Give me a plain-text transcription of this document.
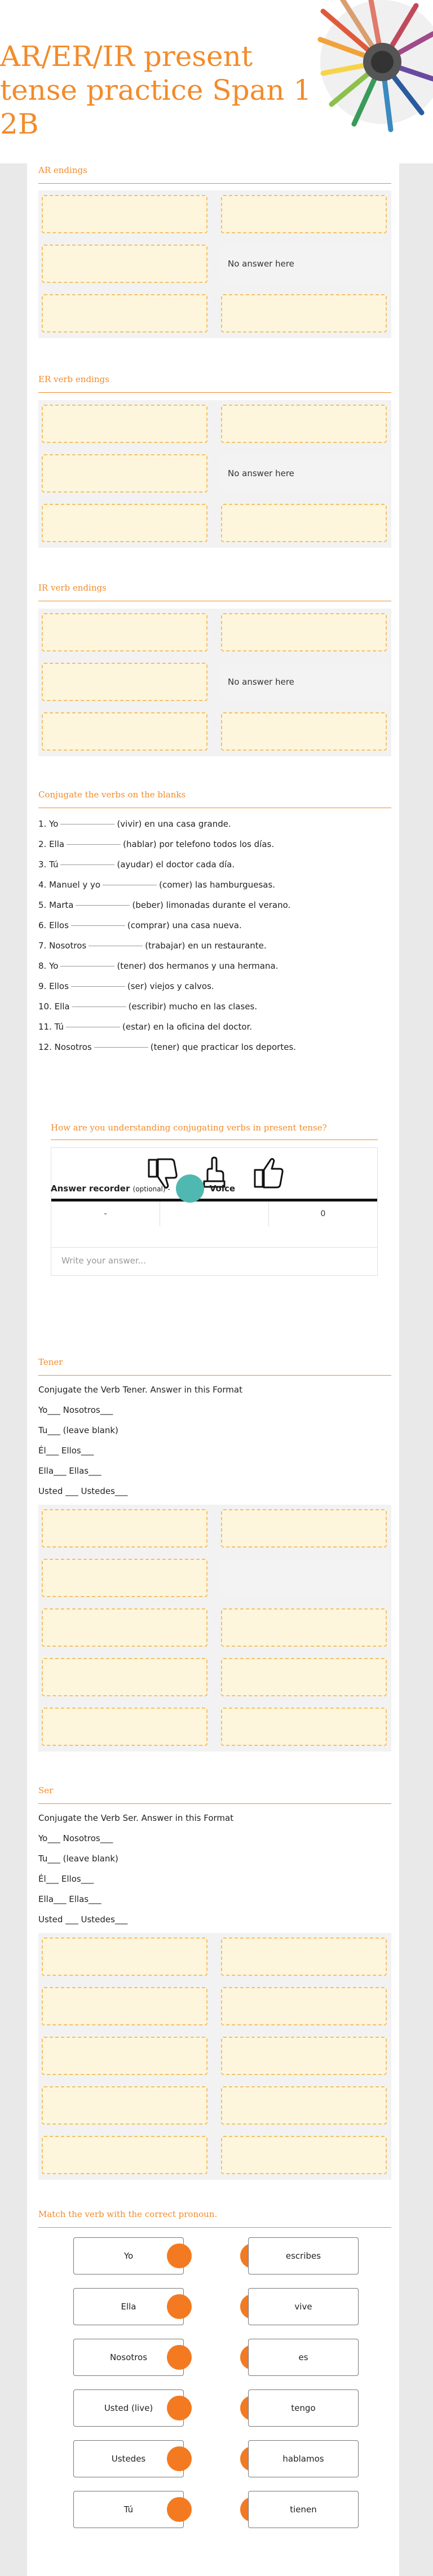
AR/ER/IR present tense practice Span 1 2B
AR endings
No answer here
ER verb endings
No answer here
IR verb endings
No answer here
Conjugate the verbs on the blanks
1. Yo	(vivir) en una casa grande.
2. Ella	(hablar) por telefono todos los días.
3. Tú	(ayudar) el doctor cada día.
4. Manuel y yo	(comer) las hamburguesas.
5. Marta	(beber) limonadas durante el verano.
6. Ellos	(comprar) una casa nueva.
7. Nosotros	(trabajar) en un restaurante.
8. Yo	(tener) dos hermanos y una hermana.
9. Ellos	(ser) viejos y calvos.
10. Ella	(escribir) mucho en las clases.
11. Tú	(estar) en la oficina del doctor.
12. Nosotros	(tener) que practicar los deportes.
How are you understanding conjugating verbs in present tense?
-	0
Write your answer...
Answer recorder (optional) -	Voice
Tener
Conjugate the Verb Tener. Answer in this Format
Yo___ Nosotros___
Tu___ (leave blank)
Él___ Ellos___
Ella___ Ellas___
Usted ___ Ustedes___
Ser
Conjugate the Verb Ser. Answer in this Format
Yo___ Nosotros___
Tu___ (leave blank)
Él___ Ellos___
Ella___ Ellas___
Usted ___ Ustedes___
Match the verb with the correct pronoun.
Yo	escribes
Ella	vive
Nosotros	es
Usted (live)	tengo
Ustedes	hablamos
Tú	tienen
